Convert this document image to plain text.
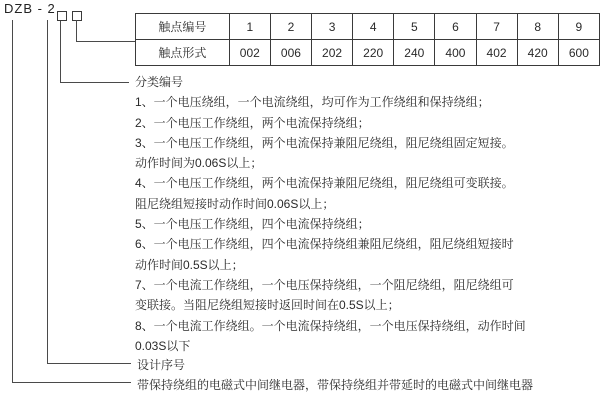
DZB - 2
触点编号	1	2	3	4	5	6	7	8	9
触点形式	002	006	202	220	240	400	402	420	600
分类编号
1、一个电压绕组，一个电流绕组，均可作为工作绕组和保持绕组；
2、一个电压工作绕组，两个电流保持绕组；
3、一个电压工作绕组，两个电流保持兼阻尼绕组，阻尼绕组固定短接。
动作时间为0.06S以上；
4、一个电压工作绕组，两个电流保持兼阻尼绕组，阻尼绕组可变联接。
阻尼绕组短接时动作时间0.06S以上；
5、一个电压工作绕组，四个电流保持绕组；
6、一个电压工作绕组，四个电流保持绕组兼阻尼绕组，阻尼绕组短接时
动作时间0.5S以上；
7、一个电流工作绕组，一个电压保持绕组，一个阻尼绕组，阻尼绕组可
变联接。当阻尼绕组短接时返回时间在0.5S以上；
8、一个电流工作绕组。一个电流保持绕组，一个电压保持绕组，动作时间
0.03S以下
设计序号
带保持绕组的电磁式中间继电器，带保持绕组并带延时的电磁式中间继电器
